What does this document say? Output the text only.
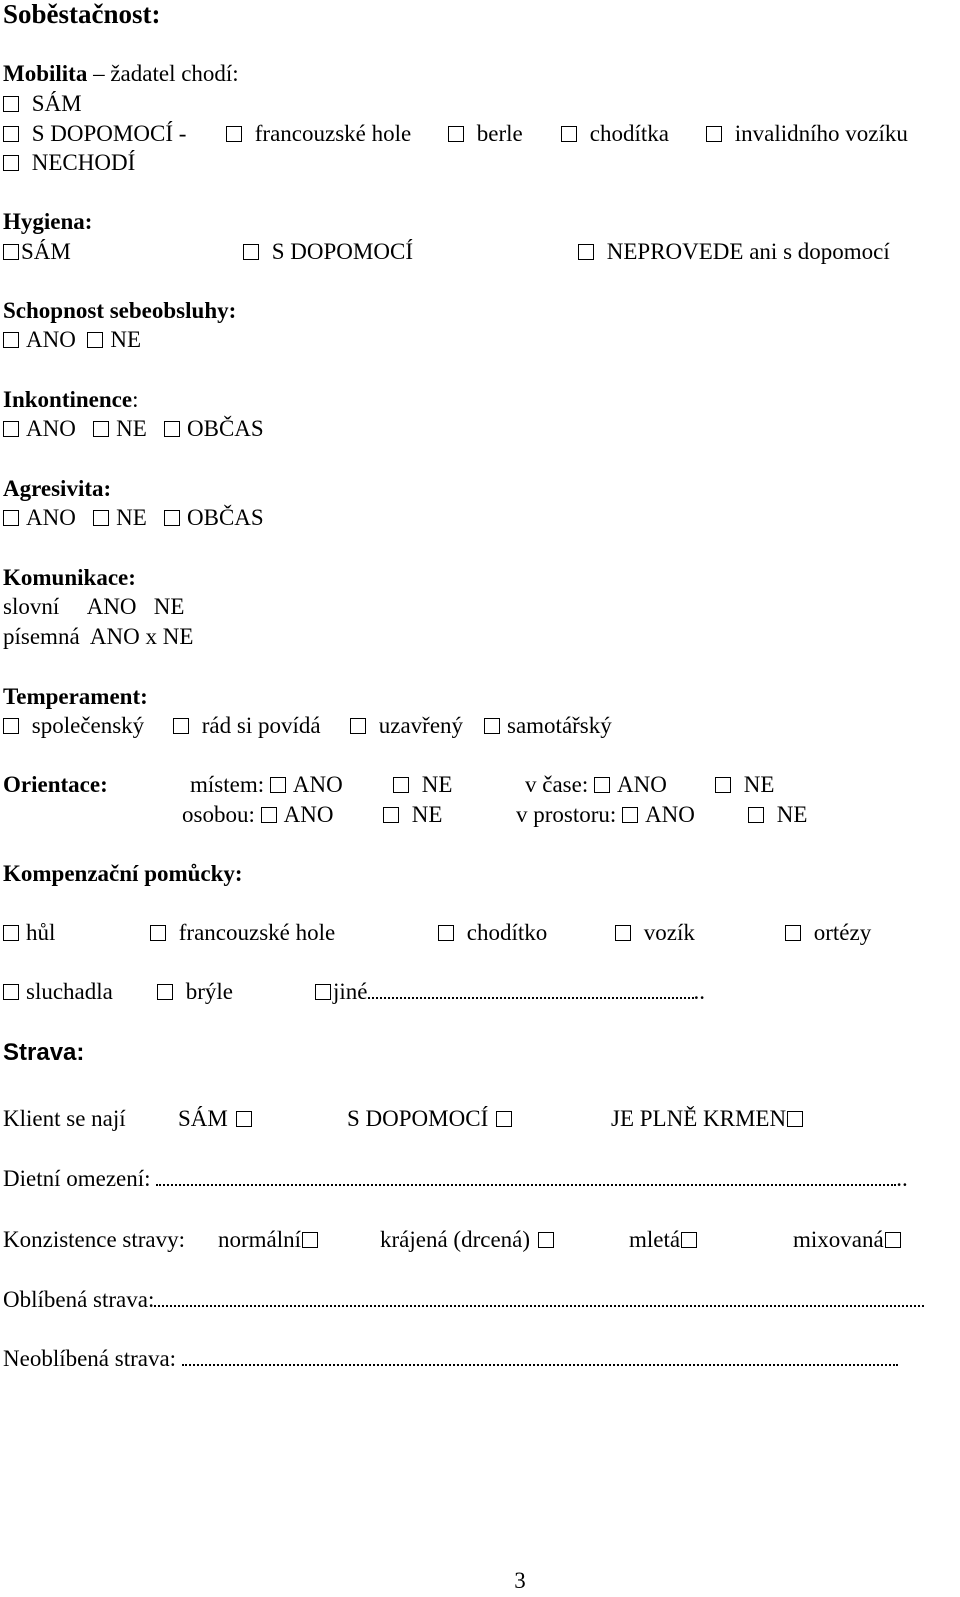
Soběstačnost:
Mobilita – žadatel chodí:
SÁM
S DOPOMOCÍ -	francouzské hole	berle	chodítka	invalidního vozíku
NECHODÍ
Hygiena:
SÁM	S DOPOMOCÍ	NEPROVEDE ani s dopomocí
Schopnost sebeobsluhy:
ANO NE
Inkontinence:
ANO NE OBČAS
Agresivita:
ANO NE OBČAS
Komunikace:
slovní     ANO   NE
písemná  ANO x NE
Temperament:
společenský	rád si povídá	uzavřený	samotářský
Orientace:	místem: ANO	NE	v čase: ANO	NE
osobou: ANO	NE	v prostoru: ANO	NE
Kompenzační pomůcky:
hůl	francouzské hole	chodítko	vozík	ortézy
sluchadla	brýle	jiné	..
Strava:
Klient se nají SÁM	S DOPOMOCÍ	JE PLNĚ KRMEN
Dietní omezení:	..
Konzistence stravy: normální	krájená (drcená)	mletá	mixovaná
Oblíbená strava:
Neoblíbená strava:
3
